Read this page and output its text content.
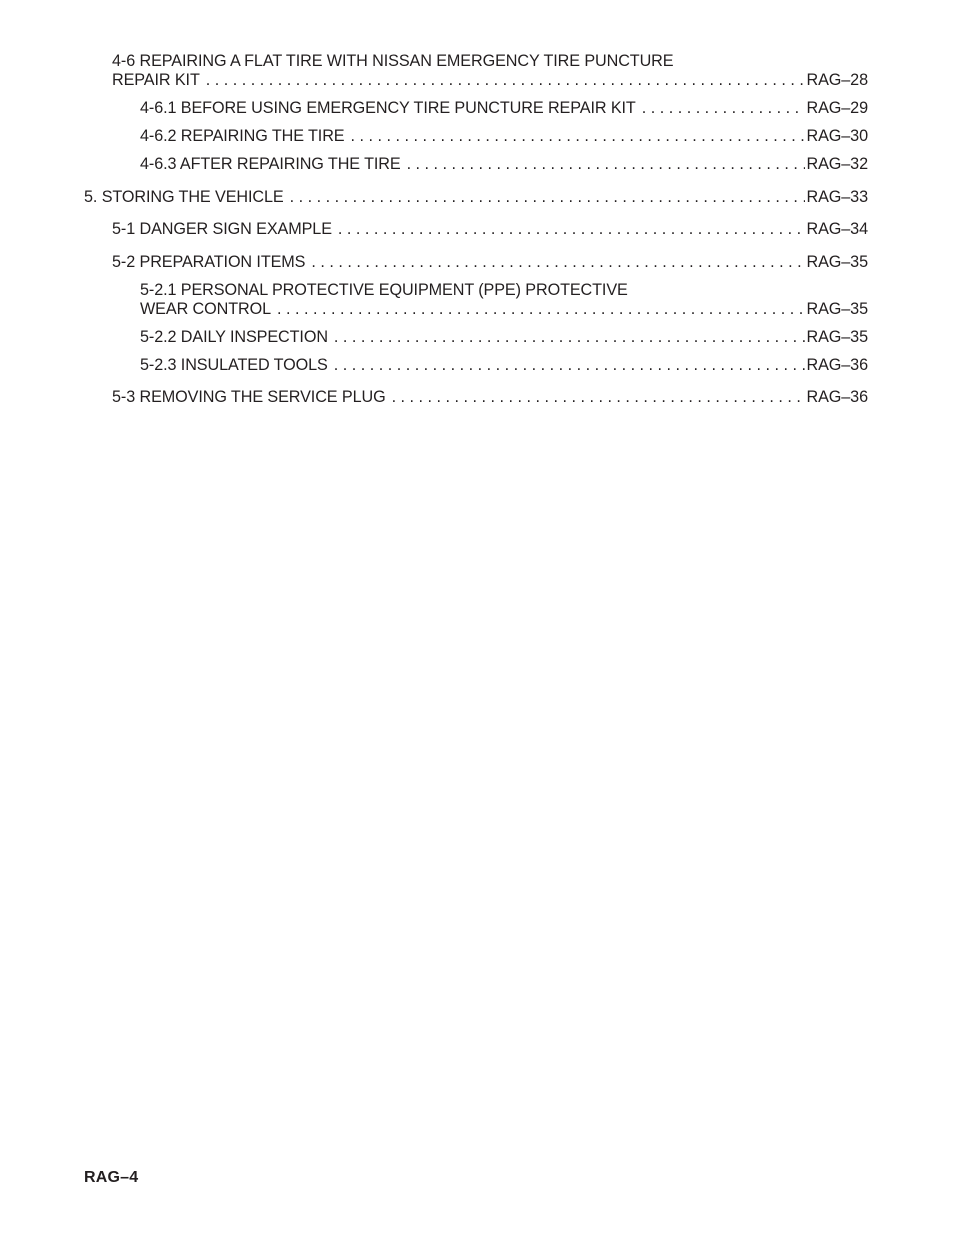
4-6 REPAIRING A FLAT TIRE WITH NISSAN EMERGENCY TIRE PUNCTURE
REPAIR KIT . . .	RAG–28
4-6.1 BEFORE USING EMERGENCY TIRE PUNCTURE REPAIR KIT . . .	RAG–29
4-6.2 REPAIRING THE TIRE . . .	RAG–30
4-6.3 AFTER REPAIRING THE TIRE . . .	RAG–32
5. STORING THE VEHICLE . . .	RAG–33
5-1 DANGER SIGN EXAMPLE . . .	RAG–34
5-2 PREPARATION ITEMS . . .	RAG–35
5-2.1 PERSONAL PROTECTIVE EQUIPMENT (PPE) PROTECTIVE
WEAR CONTROL . . .	RAG–35
5-2.2 DAILY INSPECTION . . .	RAG–35
5-2.3 INSULATED TOOLS . . .	RAG–36
5-3 REMOVING THE SERVICE PLUG . . .	RAG–36
RAG–4
